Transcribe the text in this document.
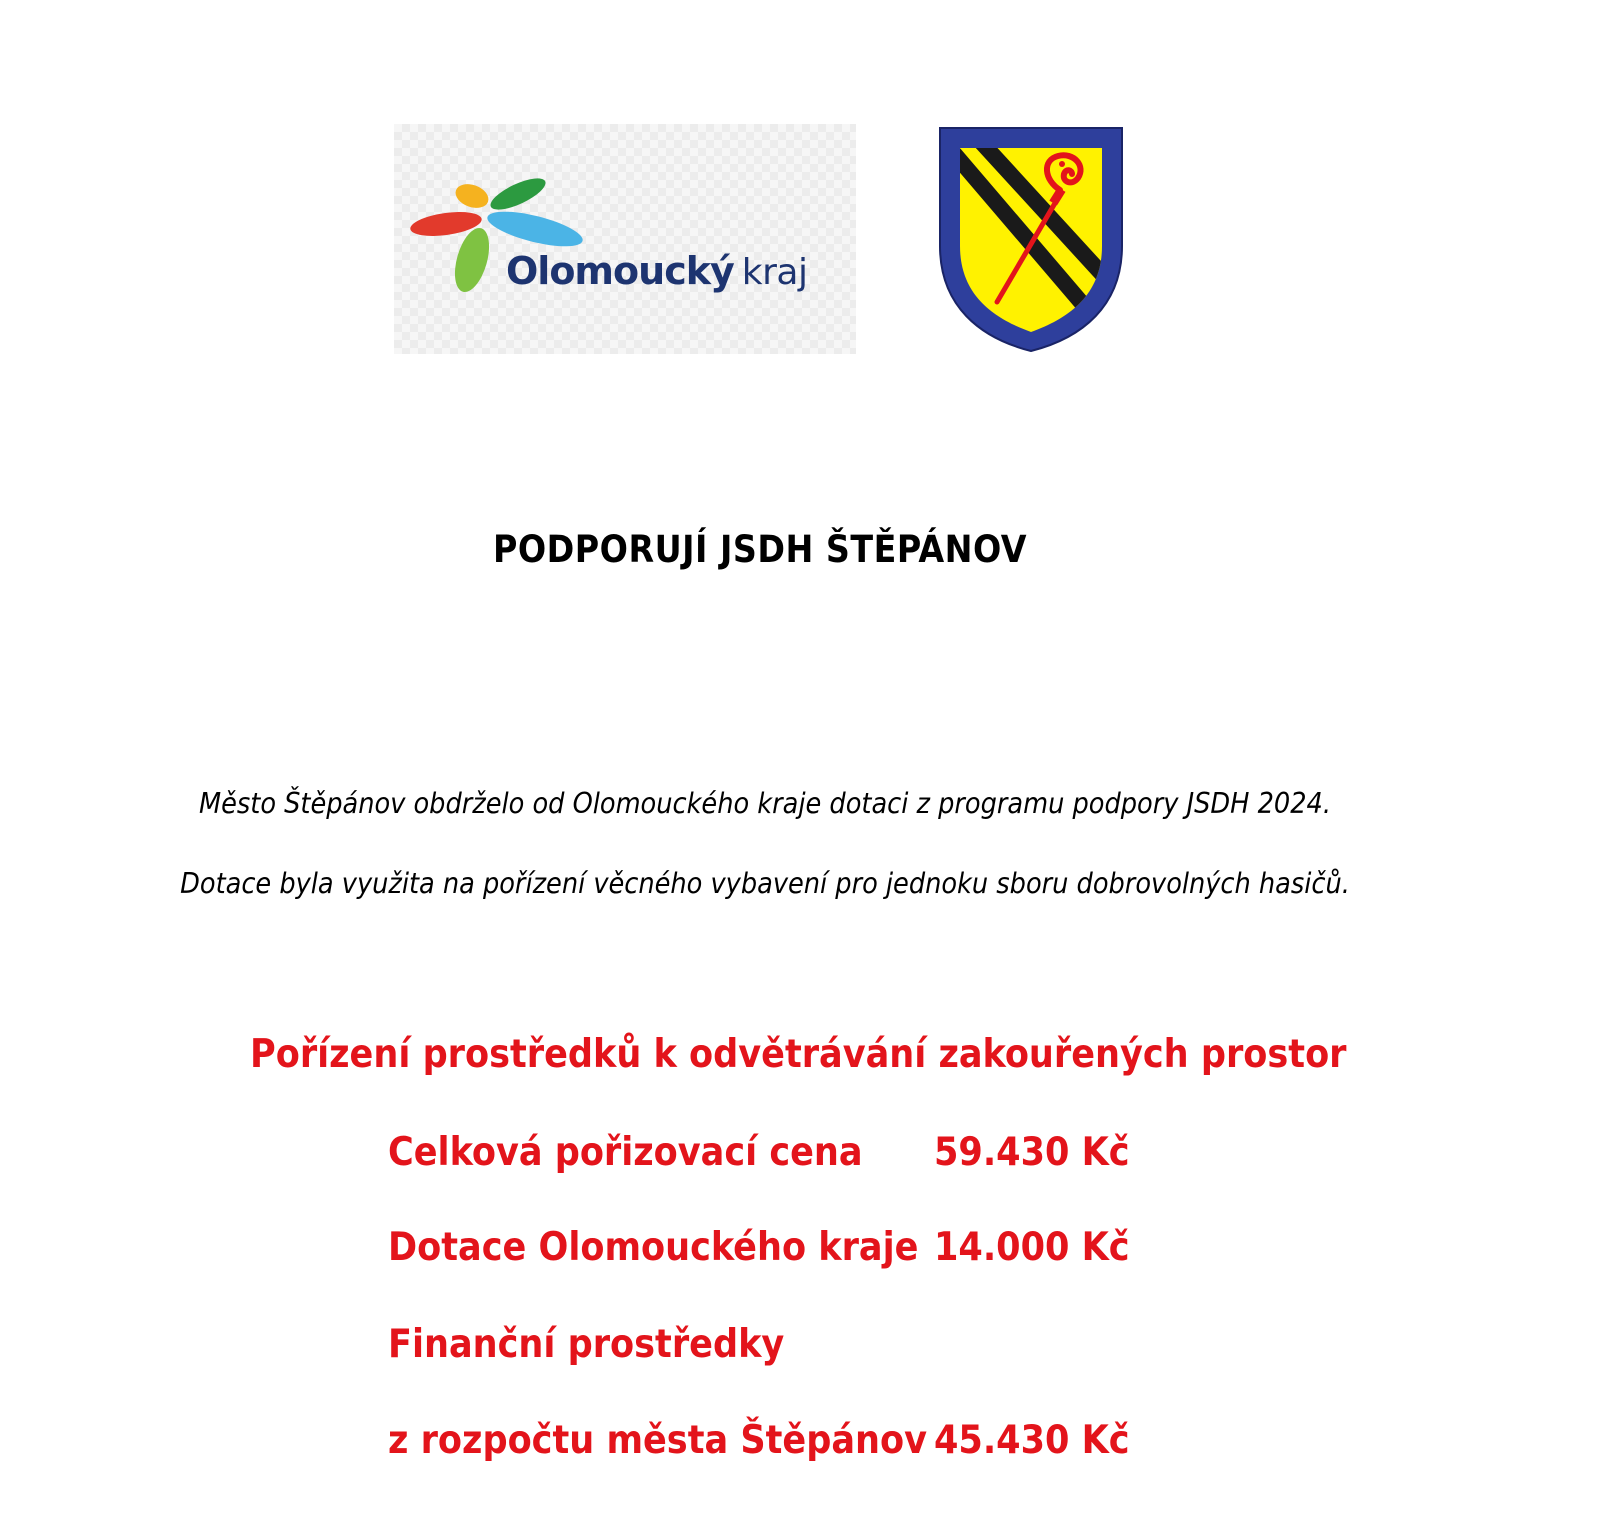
Olomoucký kraj
PODPORUJÍ JSDH ŠTĚPÁNOV

Město Štěpánov obdrželo od Olomouckého kraje dotaci z programu podpory JSDH 2024.

Dotace byla využita na pořízení věcného vybavení pro jednoku sboru dobrovolných hasičů.

Pořízení prostředků k odvětrávání zakouřených prostor
Celková pořizovací cena 59.430 Kč
Dotace Olomouckého kraje 14.000 Kč
Finanční prostředky
z rozpočtu města Štěpánov 45.430 Kč
